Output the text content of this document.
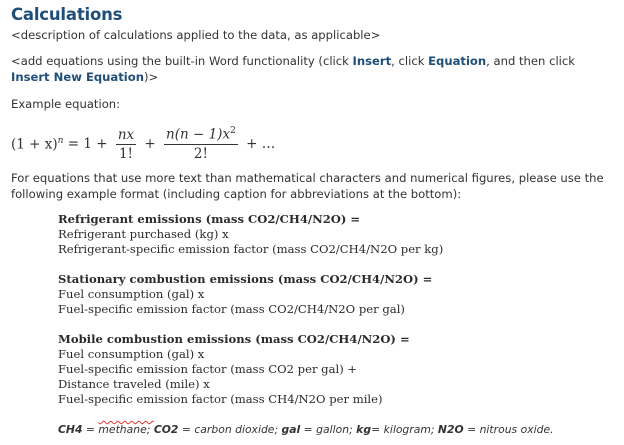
Calculations
<description of calculations applied to the data, as applicable>
<add equations using the built-in Word functionality (click Insert, click Equation, and then click Insert New Equation)>
Example equation:
$(1 + x)^n = 1 + \frac{nx}{1!} + \frac{n(n - 1)x^2}{2!}$ + …
For equations that use more text than mathematical characters and numerical figures, please use the following example format (including caption for abbreviations at the bottom):
Refrigerant emissions (mass CO2/CH4/N2O) =
Refrigerant purchased (kg) x
Refrigerant-specific emission factor (mass CO2/CH4/N2O per kg)
Stationary combustion emissions (mass CO2/CH4/N2O) =
Fuel consumption (gal) x
Fuel-specific emission factor (mass CO2/CH4/N2O per gal)
Mobile combustion emissions (mass CO2/CH4/N2O) =
Fuel consumption (gal) x
Fuel-specific emission factor (mass CO2 per gal) +
Distance traveled (mile) x
Fuel-specific emission factor (mass CH4/N2O per mile)
CH4 = methane; CO2 = carbon dioxide; gal = gallon; kg= kilogram; N2O = nitrous oxide.
